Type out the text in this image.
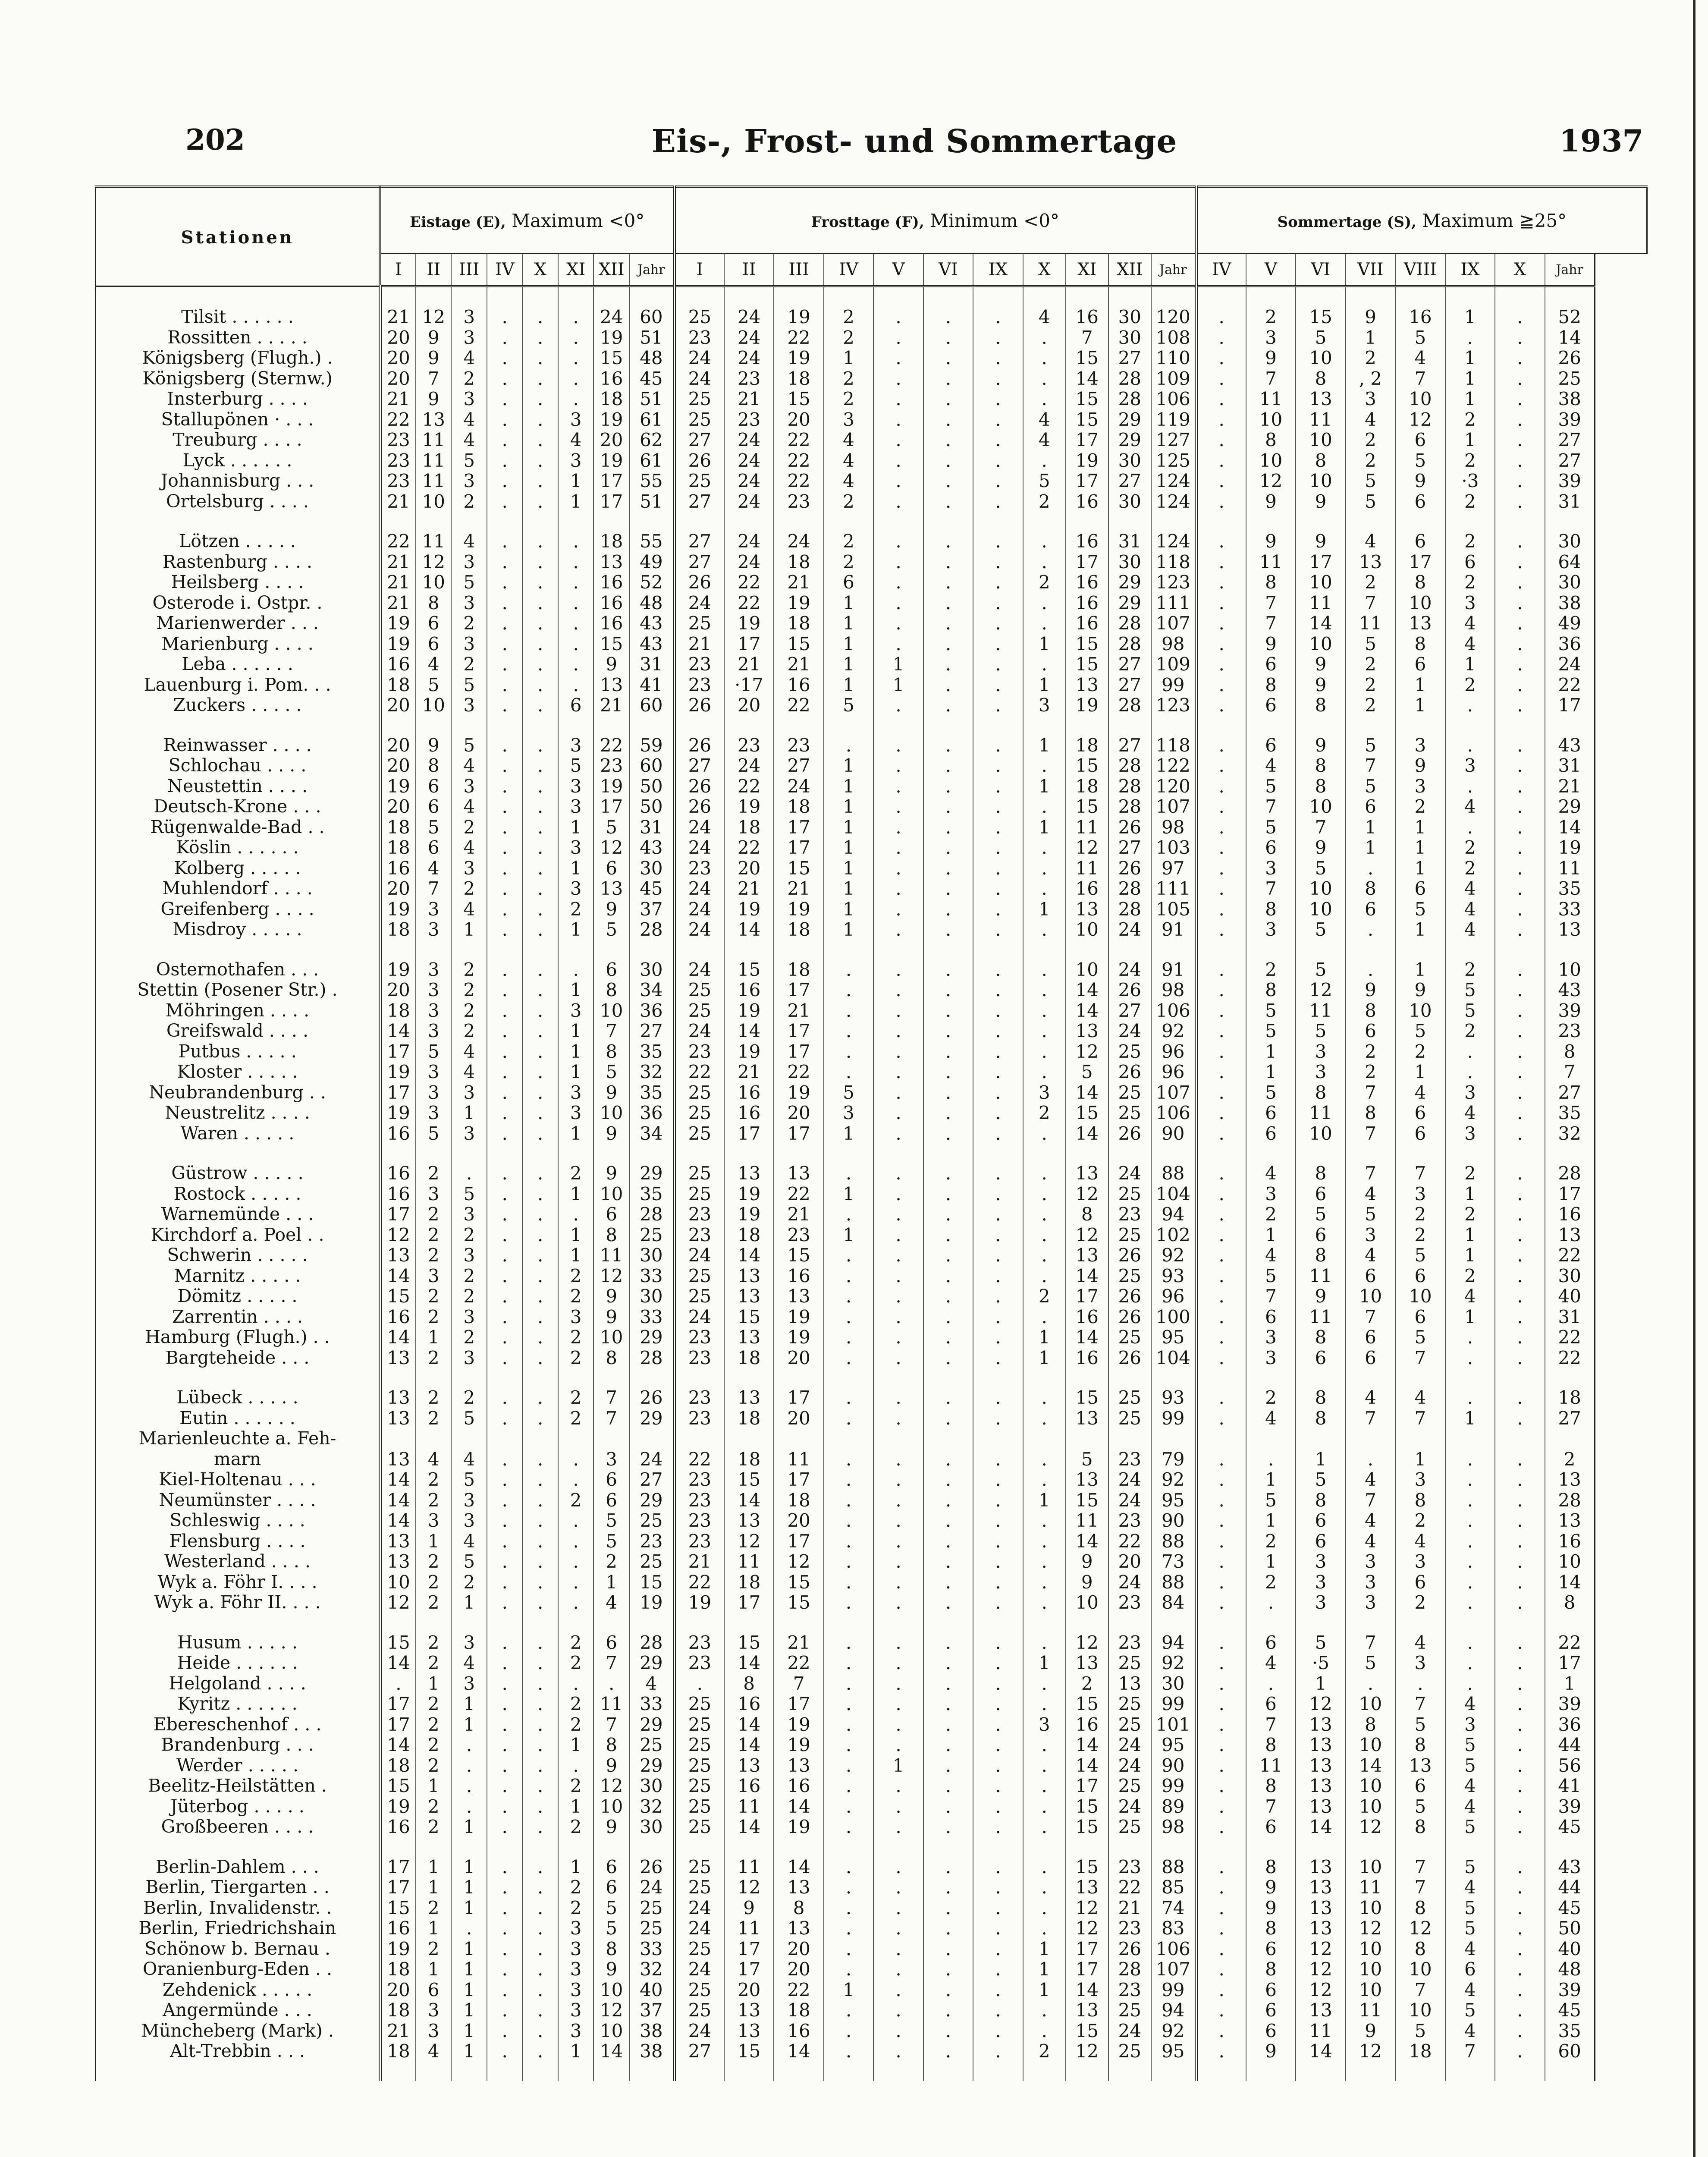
202	Eis-, Frost- und Sommertage	1937
Stationen	Eistage (E), Maximum <0°								Frosttage (F), Minimum <0°											Sommertage (S), Maximum ≧25°							
	I	II	III	IV	X	XI	XII	Jahr	I	II	III	IV	V	VI	IX	X	XI	XII	Jahr	IV	V	VI	VII	VIII	IX	X	Jahr

Tilsit . . . . . .	21	12	3	.	.	.	24	60	25	24	19	2	.	.	.	4	16	30	120	.	2	15	9	16	1	.	52
Rossitten . . . . .	20	9	3	.	.	.	19	51	23	24	22	2	.	.	.	.	7	30	108	.	3	5	1	5	.	.	14
Königsberg (Flugh.) .	20	9	4	.	.	.	15	48	24	24	19	1	.	.	.	.	15	27	110	.	9	10	2	4	1	.	26
Königsberg (Sternw.)	20	7	2	.	.	.	16	45	24	23	18	2	.	.	.	.	14	28	109	.	7	8	, 2	7	1	.	25
Insterburg . . . .	21	9	3	.	.	.	18	51	25	21	15	2	.	.	.	.	15	28	106	.	11	13	3	10	1	.	38
Stallupönen · . . .	22	13	4	.	.	3	19	61	25	23	20	3	.	.	.	4	15	29	119	.	10	11	4	12	2	.	39
Treuburg . . . .	23	11	4	.	.	4	20	62	27	24	22	4	.	.	.	4	17	29	127	.	8	10	2	6	1	.	27
Lyck . . . . . .	23	11	5	.	.	3	19	61	26	24	22	4	.	.	.	.	19	30	125	.	10	8	2	5	2	.	27
Johannisburg . . .	23	11	3	.	.	1	17	55	25	24	22	4	.	.	.	5	17	27	124	.	12	10	5	9	·3	.	39
Ortelsburg . . . .	21	10	2	.	.	1	17	51	27	24	23	2	.	.	.	2	16	30	124	.	9	9	5	6	2	.	31

Lötzen . . . . .	22	11	4	.	.	.	18	55	27	24	24	2	.	.	.	.	16	31	124	.	9	9	4	6	2	.	30
Rastenburg . . . .	21	12	3	.	.	.	13	49	27	24	18	2	.	.	.	.	17	30	118	.	11	17	13	17	6	.	64
Heilsberg . . . .	21	10	5	.	.	.	16	52	26	22	21	6	.	.	.	2	16	29	123	.	8	10	2	8	2	.	30
Osterode i. Ostpr. .	21	8	3	.	.	.	16	48	24	22	19	1	.	.	.	.	16	29	111	.	7	11	7	10	3	.	38
Marienwerder . . .	19	6	2	.	.	.	16	43	25	19	18	1	.	.	.	.	16	28	107	.	7	14	11	13	4	.	49
Marienburg . . . .	19	6	3	.	.	.	15	43	21	17	15	1	.	.	.	1	15	28	98	.	9	10	5	8	4	.	36
Leba . . . . . .	16	4	2	.	.	.	9	31	23	21	21	1	1	.	.	.	15	27	109	.	6	9	2	6	1	.	24
Lauenburg i. Pom. . .	18	5	5	.	.	.	13	41	23	·17	16	1	1	.	.	1	13	27	99	.	8	9	2	1	2	.	22
Zuckers . . . . .	20	10	3	.	.	6	21	60	26	20	22	5	.	.	.	3	19	28	123	.	6	8	2	1	.	.	17

Reinwasser . . . .	20	9	5	.	.	3	22	59	26	23	23	.	.	.	.	1	18	27	118	.	6	9	5	3	.	.	43
Schlochau . . . .	20	8	4	.	.	5	23	60	27	24	27	1	.	.	.	.	15	28	122	.	4	8	7	9	3	.	31
Neustettin . . . .	19	6	3	.	.	3	19	50	26	22	24	1	.	.	.	1	18	28	120	.	5	8	5	3	.	.	21
Deutsch-Krone . . .	20	6	4	.	.	3	17	50	26	19	18	1	.	.	.	.	15	28	107	.	7	10	6	2	4	.	29
Rügenwalde-Bad . .	18	5	2	.	.	1	5	31	24	18	17	1	.	.	.	1	11	26	98	.	5	7	1	1	.	.	14
Köslin . . . . . .	18	6	4	.	.	3	12	43	24	22	17	1	.	.	.	.	12	27	103	.	6	9	1	1	2	.	19
Kolberg . . . . .	16	4	3	.	.	1	6	30	23	20	15	1	.	.	.	.	11	26	97	.	3	5	.	1	2	.	11
Muhlendorf . . . .	20	7	2	.	.	3	13	45	24	21	21	1	.	.	.	.	16	28	111	.	7	10	8	6	4	.	35
Greifenberg . . . .	19	3	4	.	.	2	9	37	24	19	19	1	.	.	.	1	13	28	105	.	8	10	6	5	4	.	33
Misdroy . . . . .	18	3	1	.	.	1	5	28	24	14	18	1	.	.	.	.	10	24	91	.	3	5	.	1	4	.	13

Osternothafen . . .	19	3	2	.	.	.	6	30	24	15	18	.	.	.	.	.	10	24	91	.	2	5	.	1	2	.	10
Stettin (Posener Str.) .	20	3	2	.	.	1	8	34	25	16	17	.	.	.	.	.	14	26	98	.	8	12	9	9	5	.	43
Möhringen . . . .	18	3	2	.	.	3	10	36	25	19	21	.	.	.	.	.	14	27	106	.	5	11	8	10	5	.	39
Greifswald . . . .	14	3	2	.	.	1	7	27	24	14	17	.	.	.	.	.	13	24	92	.	5	5	6	5	2	.	23
Putbus . . . . .	17	5	4	.	.	1	8	35	23	19	17	.	.	.	.	.	12	25	96	.	1	3	2	2	.	.	8
Kloster . . . . .	19	3	4	.	.	1	5	32	22	21	22	.	.	.	.	.	5	26	96	.	1	3	2	1	.	.	7
Neubrandenburg . .	17	3	3	.	.	3	9	35	25	16	19	5	.	.	.	3	14	25	107	.	5	8	7	4	3	.	27
Neustrelitz . . . .	19	3	1	.	.	3	10	36	25	16	20	3	.	.	.	2	15	25	106	.	6	11	8	6	4	.	35
Waren . . . . .	16	5	3	.	.	1	9	34	25	17	17	1	.	.	.	.	14	26	90	.	6	10	7	6	3	.	32

Güstrow . . . . .	16	2	.	.	.	2	9	29	25	13	13	.	.	.	.	.	13	24	88	.	4	8	7	7	2	.	28
Rostock . . . . .	16	3	5	.	.	1	10	35	25	19	22	1	.	.	.	.	12	25	104	.	3	6	4	3	1	.	17
Warnemünde . . .	17	2	3	.	.	.	6	28	23	19	21	.	.	.	.	.	8	23	94	.	2	5	5	2	2	.	16
Kirchdorf a. Poel . .	12	2	2	.	.	1	8	25	23	18	23	1	.	.	.	.	12	25	102	.	1	6	3	2	1	.	13
Schwerin . . . . .	13	2	3	.	.	1	11	30	24	14	15	.	.	.	.	.	13	26	92	.	4	8	4	5	1	.	22
Marnitz . . . . .	14	3	2	.	.	2	12	33	25	13	16	.	.	.	.	.	14	25	93	.	5	11	6	6	2	.	30
Dömitz . . . . .	15	2	2	.	.	2	9	30	25	13	13	.	.	.	.	2	17	26	96	.	7	9	10	10	4	.	40
Zarrentin . . . .	16	2	3	.	.	3	9	33	24	15	19	.	.	.	.	.	16	26	100	.	6	11	7	6	1	.	31
Hamburg (Flugh.) . .	14	1	2	.	.	2	10	29	23	13	19	.	.	.	.	1	14	25	95	.	3	8	6	5	.	.	22
Bargteheide . . .	13	2	3	.	.	2	8	28	23	18	20	.	.	.	.	1	16	26	104	.	3	6	6	7	.	.	22

Lübeck . . . . .	13	2	2	.	.	2	7	26	23	13	17	.	.	.	.	.	15	25	93	.	2	8	4	4	.	.	18
Eutin . . . . . .	13	2	5	.	.	2	7	29	23	18	20	.	.	.	.	.	13	25	99	.	4	8	7	7	1	.	27
Marienleuchte a. Feh-																											
marn	13	4	4	.	.	.	3	24	22	18	11	.	.	.	.	.	5	23	79	.	.	1	.	1	.	.	2
Kiel-Holtenau . . .	14	2	5	.	.	.	6	27	23	15	17	.	.	.	.	.	13	24	92	.	1	5	4	3	.	.	13
Neumünster . . . .	14	2	3	.	.	2	6	29	23	14	18	.	.	.	.	1	15	24	95	.	5	8	7	8	.	.	28
Schleswig . . . .	14	3	3	.	.	.	5	25	23	13	20	.	.	.	.	.	11	23	90	.	1	6	4	2	.	.	13
Flensburg . . . .	13	1	4	.	.	.	5	23	23	12	17	.	.	.	.	.	14	22	88	.	2	6	4	4	.	.	16
Westerland . . . .	13	2	5	.	.	.	2	25	21	11	12	.	.	.	.	.	9	20	73	.	1	3	3	3	.	.	10
Wyk a. Föhr I. . . .	10	2	2	.	.	.	1	15	22	18	15	.	.	.	.	.	9	24	88	.	2	3	3	6	.	.	14
Wyk a. Föhr II. . . .	12	2	1	.	.	.	4	19	19	17	15	.	.	.	.	.	10	23	84	.	.	3	3	2	.	.	8

Husum . . . . .	15	2	3	.	.	2	6	28	23	15	21	.	.	.	.	.	12	23	94	.	6	5	7	4	.	.	22
Heide . . . . . .	14	2	4	.	.	2	7	29	23	14	22	.	.	.	.	1	13	25	92	.	4	·5	5	3	.	.	17
Helgoland . . . .	.	1	3	.	.	.	.	4	.	8	7	.	.	.	.	.	2	13	30	.	.	1	.	.	.	.	1
Kyritz . . . . . .	17	2	1	.	.	2	11	33	25	16	17	.	.	.	.	.	15	25	99	.	6	12	10	7	4	.	39
Ebereschenhof . . .	17	2	1	.	.	2	7	29	25	14	19	.	.	.	.	3	16	25	101	.	7	13	8	5	3	.	36
Brandenburg . . .	14	2	.	.	.	1	8	25	25	14	19	.	.	.	.	.	14	24	95	.	8	13	10	8	5	.	44
Werder . . . . .	18	2	.	.	.	.	9	29	25	13	13	.	1	.	.	.	14	24	90	.	11	13	14	13	5	.	56
Beelitz-Heilstätten .	15	1	.	.	.	2	12	30	25	16	16	.	.	.	.	.	17	25	99	.	8	13	10	6	4	.	41
Jüterbog . . . . .	19	2	.	.	.	1	10	32	25	11	14	.	.	.	.	.	15	24	89	.	7	13	10	5	4	.	39
Großbeeren . . . .	16	2	1	.	.	2	9	30	25	14	19	.	.	.	.	.	15	25	98	.	6	14	12	8	5	.	45

Berlin-Dahlem . . .	17	1	1	.	.	1	6	26	25	11	14	.	.	.	.	.	15	23	88	.	8	13	10	7	5	.	43
Berlin, Tiergarten . .	17	1	1	.	.	2	6	24	25	12	13	.	.	.	.	.	13	22	85	.	9	13	11	7	4	.	44
Berlin, Invalidenstr. .	15	2	1	.	.	2	5	25	24	9	8	.	.	.	.	.	12	21	74	.	9	13	10	8	5	.	45
Berlin, Friedrichshain	16	1	.	.	.	3	5	25	24	11	13	.	.	.	.	.	12	23	83	.	8	13	12	12	5	.	50
Schönow b. Bernau .	19	2	1	.	.	3	8	33	25	17	20	.	.	.	.	1	17	26	106	.	6	12	10	8	4	.	40
Oranienburg-Eden . .	18	1	1	.	.	3	9	32	24	17	20	.	.	.	.	1	17	28	107	.	8	12	10	10	6	.	48
Zehdenick . . . . .	20	6	1	.	.	3	10	40	25	20	22	1	.	.	.	1	14	23	99	.	6	12	10	7	4	.	39
Angermünde . . .	18	3	1	.	.	3	12	37	25	13	18	.	.	.	.	.	13	25	94	.	6	13	11	10	5	.	45
Müncheberg (Mark) .	21	3	1	.	.	3	10	38	24	13	16	.	.	.	.	.	15	24	92	.	6	11	9	5	4	.	35
Alt-Trebbin . . .	18	4	1	.	.	1	14	38	27	15	14	.	.	.	.	2	12	25	95	.	9	14	12	18	7	.	60
